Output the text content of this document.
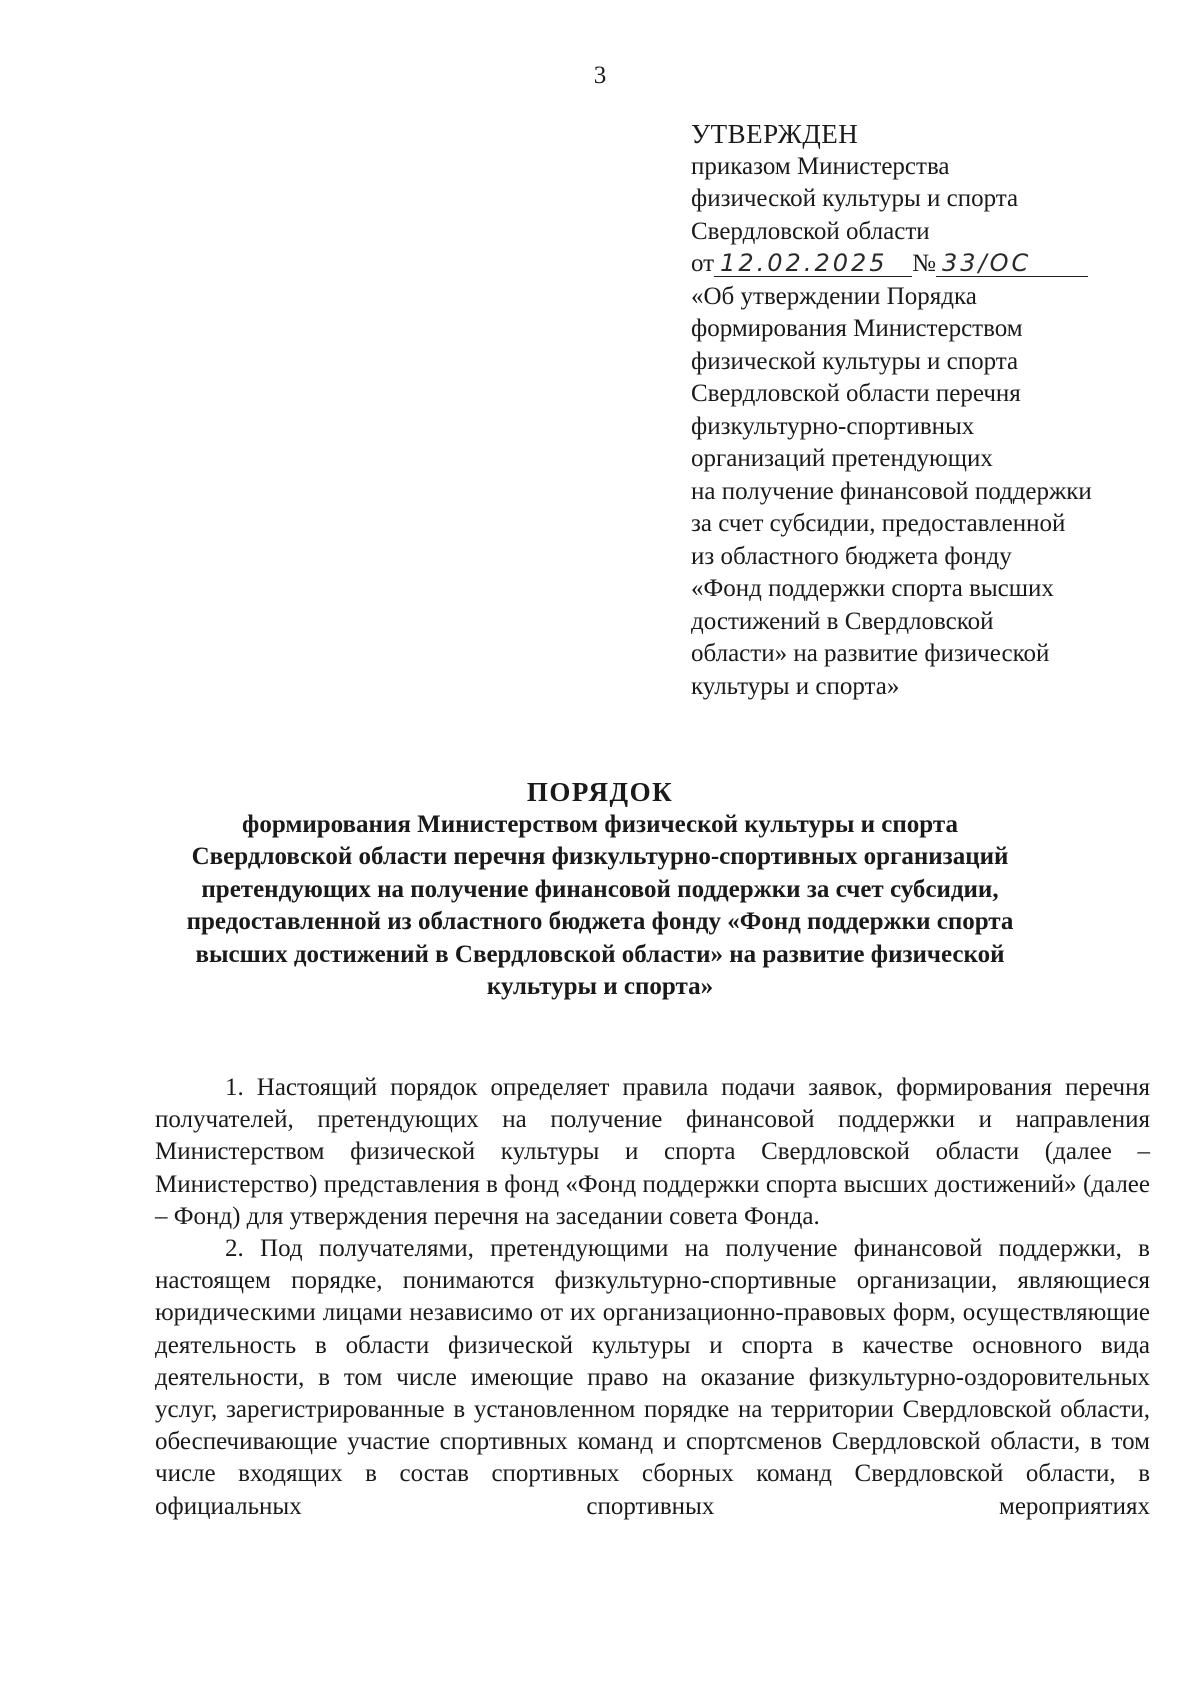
3
УТВЕРЖДЕН
приказом Министерства
физической культуры и спорта
Свердловской области
от 12.02.2025 № 33/ОС
«Об утверждении Порядка
формирования Министерством
физической культуры и спорта
Свердловской области перечня
физкультурно-спортивных
организаций претендующих
на получение финансовой поддержки
за счет субсидии, предоставленной
из областного бюджета фонду
«Фонд поддержки спорта высших
достижений в Свердловской
области» на развитие физической
культуры и спорта»
ПОРЯДОК
формирования Министерством физической культуры и спорта
Свердловской области перечня физкультурно-спортивных организаций
претендующих на получение финансовой поддержки за счет субсидии,
предоставленной из областного бюджета фонду «Фонд поддержки спорта
высших достижений в Свердловской области» на развитие физической
культуры и спорта»

1. Настоящий порядок определяет правила подачи заявок, формирования перечня получателей, претендующих на получение финансовой поддержки и направления Министерством физической культуры и спорта Свердловской области (далее – Министерство) представления в фонд «Фонд поддержки спорта высших достижений» (далее – Фонд) для утверждения перечня на заседании совета Фонда.

2. Под получателями, претендующими на получение финансовой поддержки, в настоящем порядке, понимаются физкультурно-спортивные организации, являющиеся юридическими лицами независимо от их организационно-правовых форм, осуществляющие деятельность в области физической культуры и спорта в качестве основного вида деятельности, в том числе имеющие право на оказание физкультурно-оздоровительных услуг, зарегистрированные в установленном порядке на территории Свердловской области, обеспечивающие участие спортивных команд и спортсменов Свердловской области, в том числе входящих в состав спортивных сборных команд Свердловской области, в официальных спортивных мероприятиях
